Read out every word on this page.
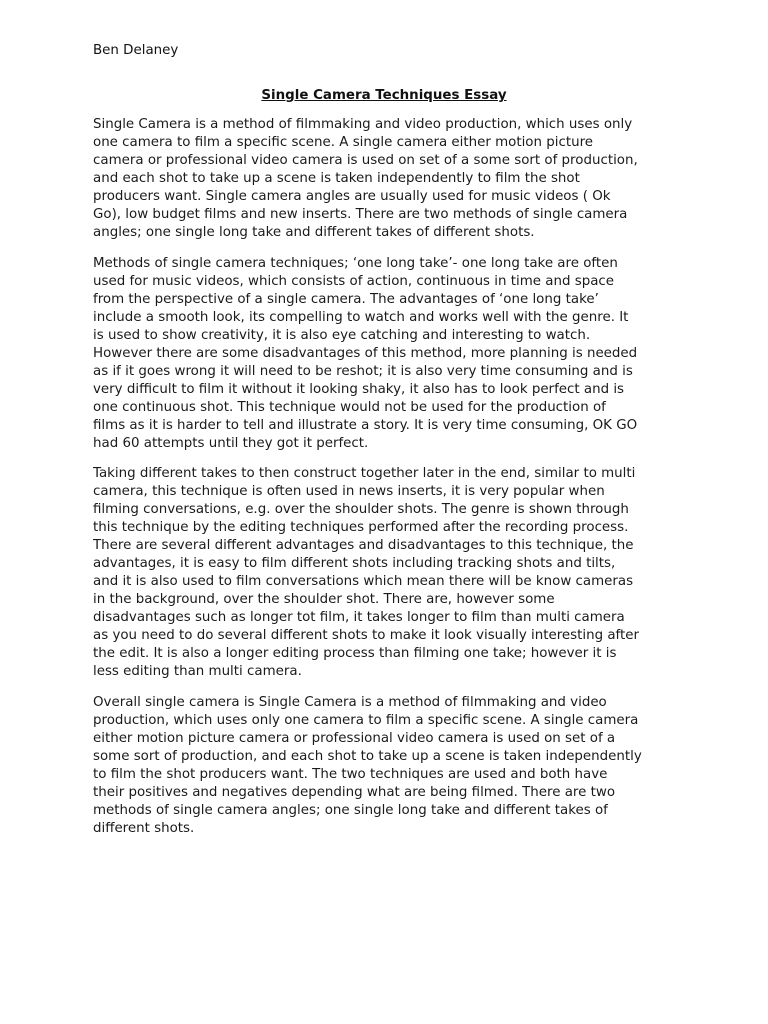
Ben Delaney
Single Camera Techniques Essay

Single Camera is a method of filmmaking and video production, which uses only
one camera to film a specific scene. A single camera either motion picture
camera or professional video camera is used on set of a some sort of production,
and each shot to take up a scene is taken independently to film the shot
producers want. Single camera angles are usually used for music videos ( Ok
Go), low budget films and new inserts. There are two methods of single camera
angles; one single long take and different takes of different shots.

Methods of single camera techniques; ‘one long take’- one long take are often
used for music videos, which consists of action, continuous in time and space
from the perspective of a single camera. The advantages of ‘one long take’
include a smooth look, its compelling to watch and works well with the genre. It
is used to show creativity, it is also eye catching and interesting to watch.
However there are some disadvantages of this method, more planning is needed
as if it goes wrong it will need to be reshot; it is also very time consuming and is
very difficult to film it without it looking shaky, it also has to look perfect and is
one continuous shot. This technique would not be used for the production of
films as it is harder to tell and illustrate a story. It is very time consuming, OK GO
had 60 attempts until they got it perfect.

Taking different takes to then construct together later in the end, similar to multi
camera, this technique is often used in news inserts, it is very popular when
filming conversations, e.g. over the shoulder shots. The genre is shown through
this technique by the editing techniques performed after the recording process.
There are several different advantages and disadvantages to this technique, the
advantages, it is easy to film different shots including tracking shots and tilts,
and it is also used to film conversations which mean there will be know cameras
in the background, over the shoulder shot. There are, however some
disadvantages such as longer tot film, it takes longer to film than multi camera
as you need to do several different shots to make it look visually interesting after
the edit. It is also a longer editing process than filming one take; however it is
less editing than multi camera.

Overall single camera is Single Camera is a method of filmmaking and video
production, which uses only one camera to film a specific scene. A single camera
either motion picture camera or professional video camera is used on set of a
some sort of production, and each shot to take up a scene is taken independently
to film the shot producers want. The two techniques are used and both have
their positives and negatives depending what are being filmed. There are two
methods of single camera angles; one single long take and different takes of
different shots.
